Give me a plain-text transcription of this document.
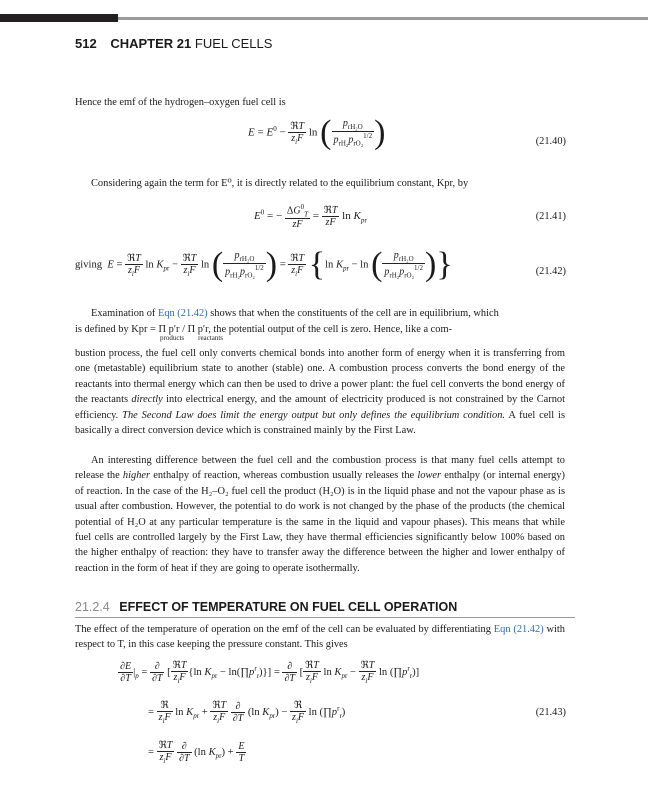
512 CHAPTER 21 FUEL CELLS

Hence the emf of the hydrogen–oxygen fuel cell is

$E = E^0 - \frac{\text{ℜT}}{z_iF}$ ln ( $\frac{p_{rH_2O}}{p_{rH_2}p_{rO_2}^{1/2}}$ )	(21.40)

Considering again the term for E⁰, it is directly related to the equilibrium constant, Kpr, by

$E^0$ = − $\frac{\Delta G^0_T}{zF} = \frac{\text{ℜT}}{zF}$ $\ln K_{pr}$	(21.41)
giving $E = \frac{\text{ℜT}}{z_iF}$ $\ln K_{pr} - \frac{\text{ℜT}}{z_iF}$ ln ( $\frac{p_{rH_2O}}{p_{rH_2}p_{rO_2}^{1/2}}$ ) = $\frac{\text{ℜT}}{z_iF} \{\ln$ $K_{pr} - \ln$ ( $\frac{p_{rH_2O}}{p_{rH_2}p_{rO_2}^{1/2}}$ )}	(21.42)

Examination of Eqn (21.42) shows that when the constituents of the cell are in equilibrium, which

is defined by Kpr = Π p′r / Π p′r, the potential output of the cell is zero. Hence, like a com-

products reactants

bustion process, the fuel cell only converts chemical bonds into another form of energy when it is transferring from one (metastable) equilibrium state to another (stable) one. A combustion process converts the bond energy of the reactants into thermal energy which can then be used to drive a power plant: the fuel cell converts the bond energy of the reactants directly into electrical energy, and the amount of electricity produced is not constrained by the Carnot efficiency. The Second Law does limit the energy output but only defines the equilibrium condition. A fuel cell is basically a direct conversion device which is constrained mainly by the First Law.

An interesting difference between the fuel cell and the combustion process is that many fuel cells attempt to release the higher enthalpy of reaction, whereas combustion usually releases the lower enthalpy (or internal energy) of reaction. In the case of the H₂–O₂ fuel cell the product (H₂O) is in the liquid phase and not the vapour phase as is usual after combustion. However, the potential to do work is not changed by the phase of the products (the chemical potential of H₂O at any particular temperature is the same in the liquid and vapour phases). This means that while fuel cells are controlled largely by the First Law, they have thermal efficiencies significantly below 100% based on the higher enthalpy of reaction: they have to transfer away the difference between the higher and lower enthalpy of reaction in the form of heat if they are going to operate isothermally.

21.2.4 EFFECT OF TEMPERATURE ON FUEL CELL OPERATION

The effect of the temperature of operation on the emf of the cell can be evaluated by differentiating Eqn (21.42) with respect to T, in this case keeping the pressure constant. This gives

$\frac{\partial E}{\partial T} |_p = \frac{\partial}{\partial T}$ [ $\frac{\text{ℜT}}{z_iF} \{\ln$ $K_{pr}$ − $\ln(\prod p^r_r)\}] = \frac{\partial}{\partial T}$ [ $\frac{\text{ℜT}}{z_iF}$ $\ln K_{pr} - \frac{\text{ℜT}}{z_iF}$ $\ln (\prod p^r_r)$]
= $\frac{\text{ℜ}}{z_iF}$ $\ln K_{pr} + \frac{\text{ℜT}}{z_iF}$
$\frac{\partial}{\partial T} (\ln$ $K_{pr}) - \frac{\text{ℜ}}{z_iF}$ $\ln (\prod p^r_r)$	(21.43)
= $\frac{\text{ℜT}}{z_iF}$
$\frac{\partial}{\partial T} (\ln$ $K_{pr}) + \frac{E}{T}$
